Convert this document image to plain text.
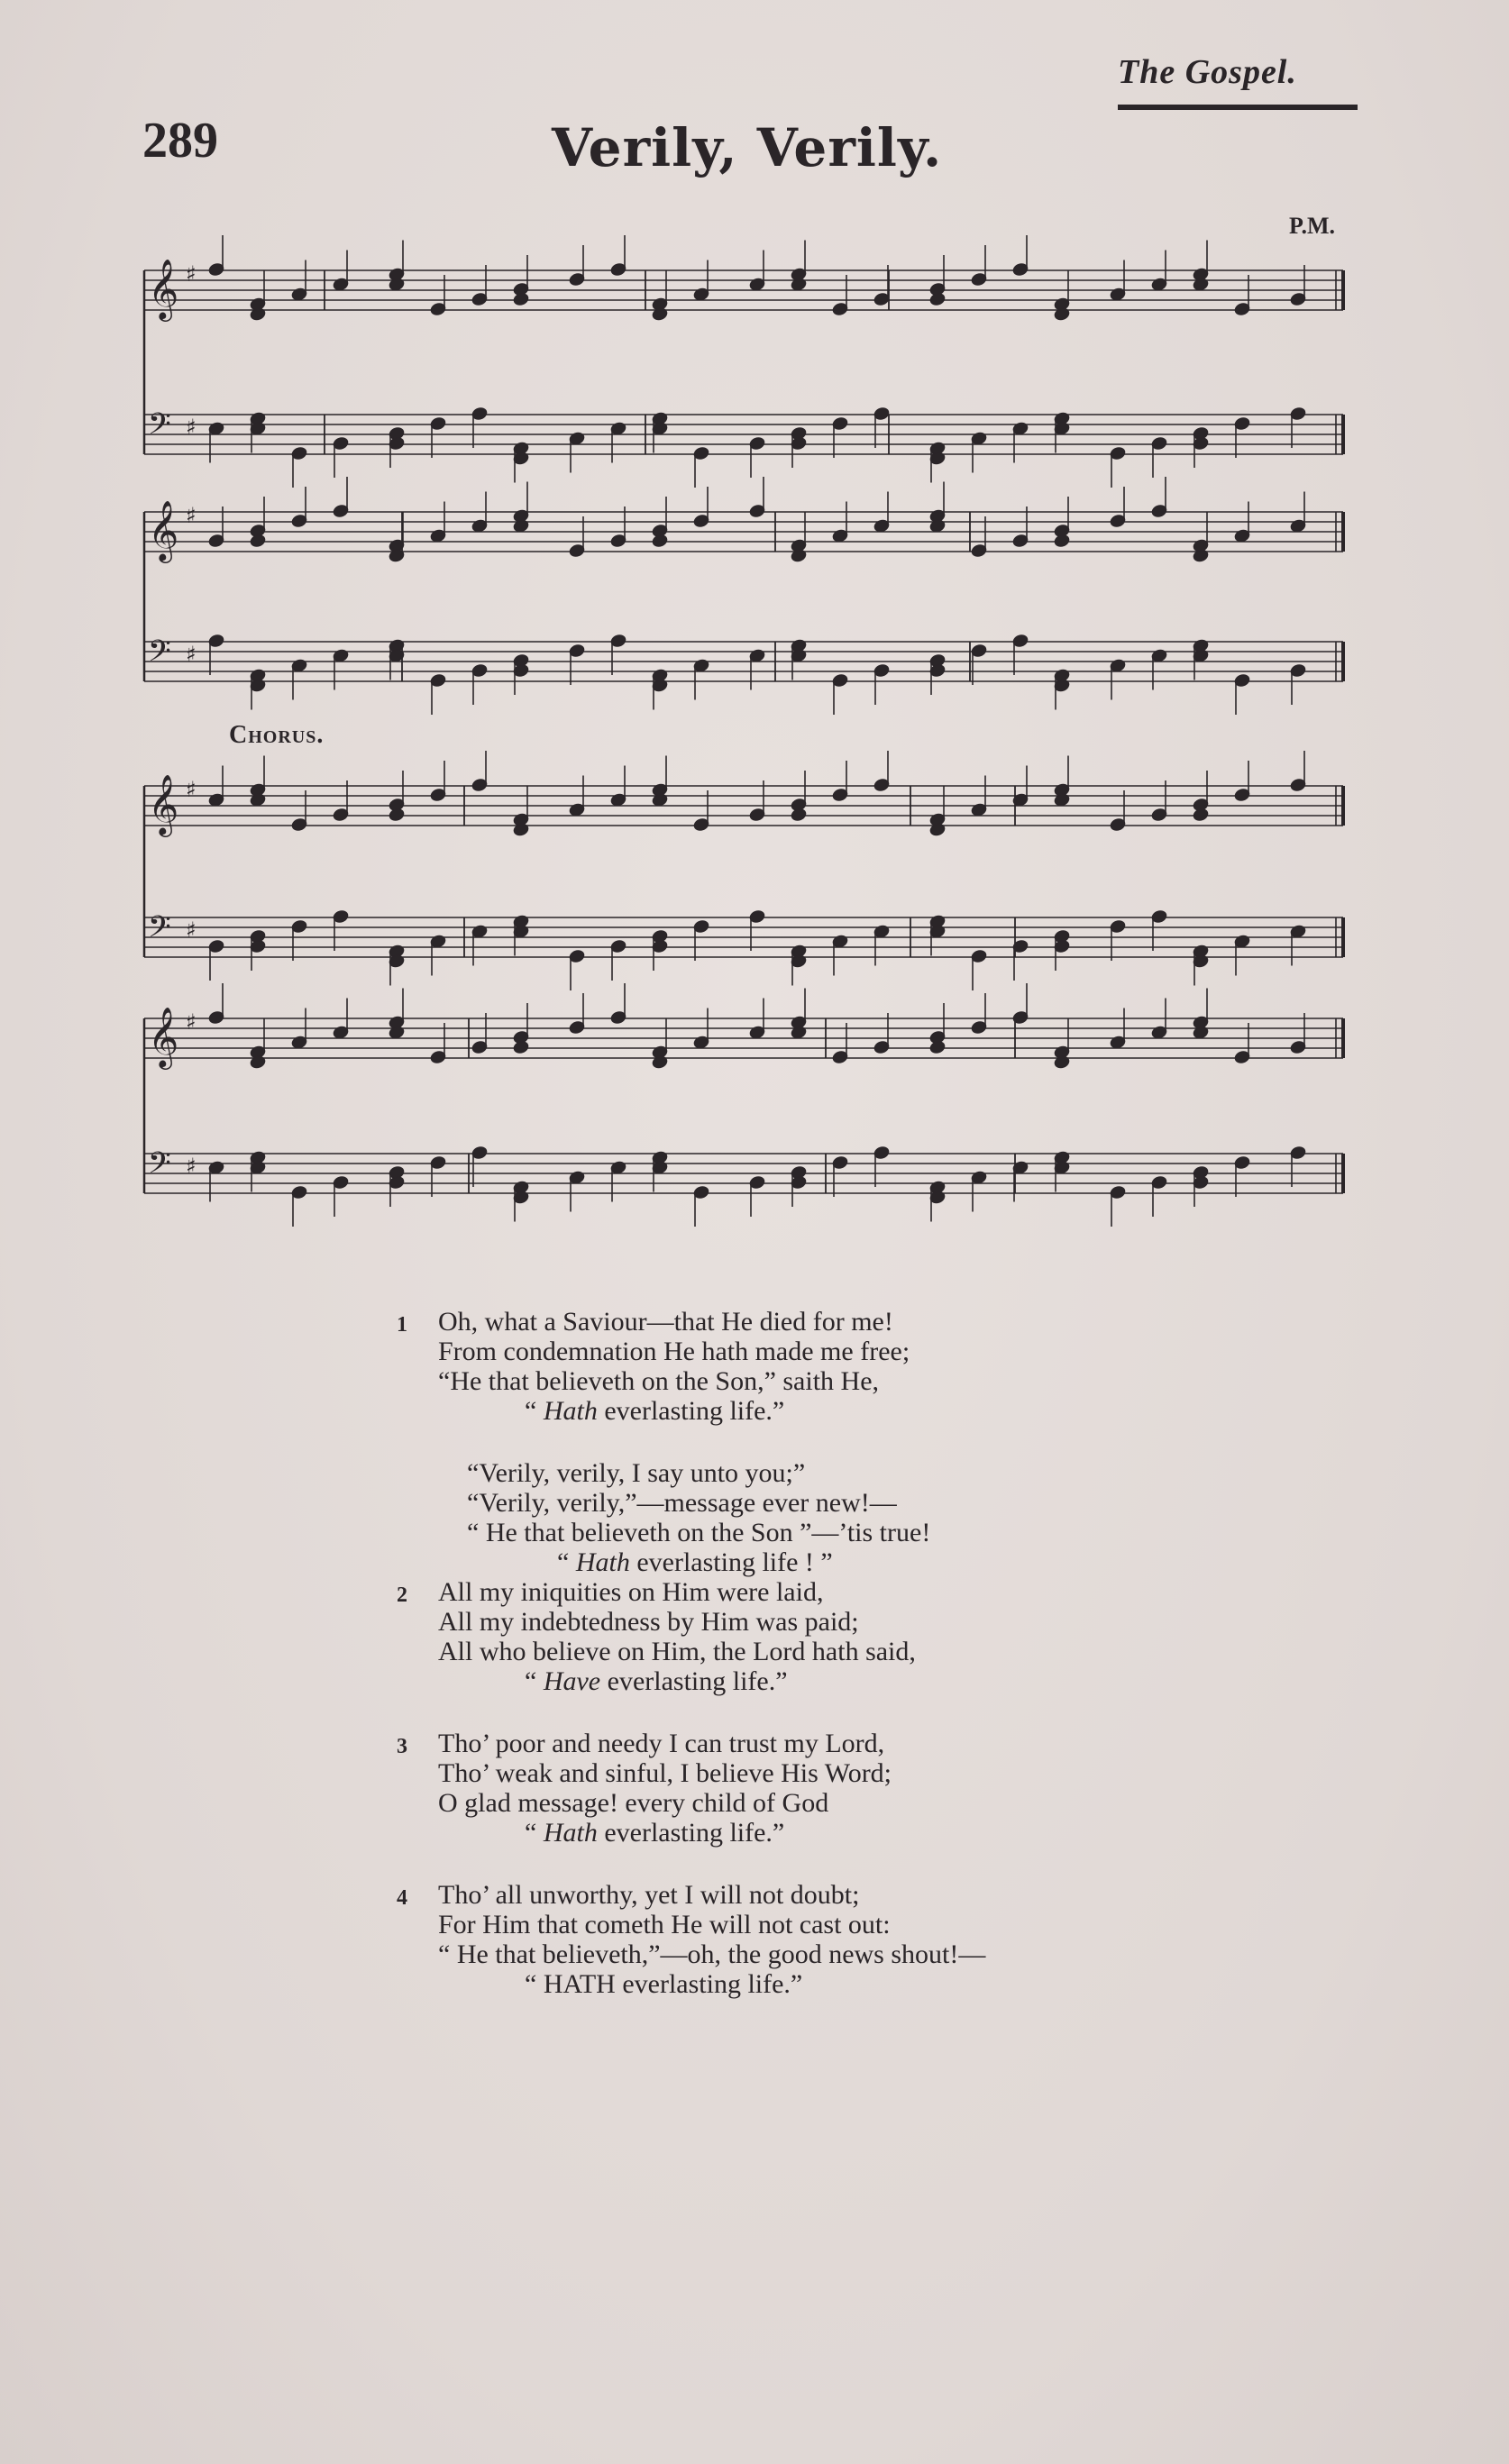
The Gospel.
289	Verily, Verily.
P.M.
𝄞 ♯
𝄢 ♯
𝄞 ♯
𝄢 ♯
𝄞 ♯
𝄢 ♯
𝄞 ♯
𝄢 ♯
Chorus.
1	Oh, what a Saviour—that He died for me!
From condemnation He hath made me free;
“He that believeth on the Son,” saith He,
“ Hath everlasting life.”
“Verily, verily, I say unto you;”
“Verily, verily,”—message ever new!—
“ He that believeth on the Son ”—’tis true!
“ Hath everlasting life ! ”
2	All my iniquities on Him were laid,
All my indebtedness by Him was paid;
All who believe on Him, the Lord hath said,
“ Have everlasting life.”
3	Tho’ poor and needy I can trust my Lord,
Tho’ weak and sinful, I believe His Word;
O glad message! every child of God
“ Hath everlasting life.”
4	Tho’ all unworthy, yet I will not doubt;
For Him that cometh He will not cast out:
“ He that believeth,”—oh, the good news shout!—
“ HATH everlasting life.”
